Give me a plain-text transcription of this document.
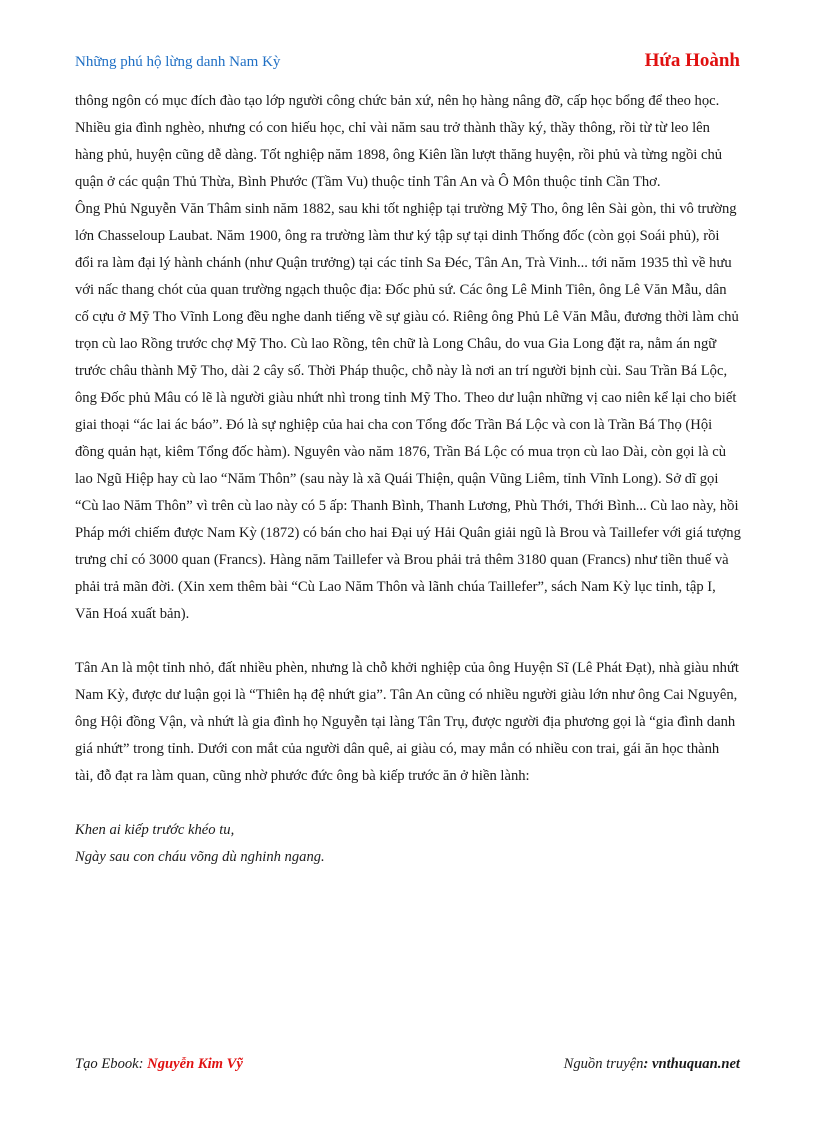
Những phú hộ lừng danh Nam Kỳ	Hứa Hoành

thông ngôn có mục đích đào tạo lớp người công chức bản xứ, nên họ hàng nâng đỡ, cấp học bổng để theo học. Nhiều gia đình nghèo, nhưng có con hiếu học, chỉ vài năm sau trở thành thầy ký, thầy thông, rồi từ từ leo lên hàng phủ, huyện cũng dễ dàng. Tốt nghiệp năm 1898, ông Kiên lần lượt thăng huyện, rồi phủ và từng ngồi chủ quận ở các quận Thủ Thừa, Bình Phước (Tầm Vu) thuộc tỉnh Tân An và Ô Môn thuộc tỉnh Cần Thơ.

Ông Phủ Nguyễn Văn Thâm sinh năm 1882, sau khi tốt nghiệp tại trường Mỹ Tho, ông lên Sài gòn, thi vô trường lớn Chasseloup Laubat. Năm 1900, ông ra trường làm thư ký tập sự tại dinh Thống đốc (còn gọi Soái phủ), rồi đổi ra làm đại lý hành chánh (như Quận trưởng) tại các tỉnh Sa Đéc, Tân An, Trà Vinh... tới năm 1935 thì về hưu với nấc thang chót của quan trường ngạch thuộc địa: Đốc phủ sứ. Các ông Lê Minh Tiên, ông Lê Văn Mẫu, dân cố cựu ở Mỹ Tho Vĩnh Long đều nghe danh tiếng về sự giàu có. Riêng ông Phủ Lê Văn Mẫu, đương thời làm chủ trọn cù lao Rồng trước chợ Mỹ Tho. Cù lao Rồng, tên chữ là Long Châu, do vua Gia Long đặt ra, nằm án ngữ trước châu thành Mỹ Tho, dài 2 cây số. Thời Pháp thuộc, chỗ này là nơi an trí người bịnh cùi. Sau Trần Bá Lộc, ông Đốc phủ Mâu có lẽ là người giàu nhứt nhì trong tỉnh Mỹ Tho. Theo dư luận những vị cao niên kể lại cho biết giai thoại “ác lai ác báo”. Đó là sự nghiệp của hai cha con Tổng đốc Trần Bá Lộc và con là Trần Bá Thọ (Hội đồng quản hạt, kiêm Tổng đốc hàm). Nguyên vào năm 1876, Trần Bá Lộc có mua trọn cù lao Dài, còn gọi là cù lao Ngũ Hiệp hay cù lao “Năm Thôn” (sau này là xã Quái Thiện, quận Vũng Liêm, tỉnh Vĩnh Long). Sở dĩ gọi “Cù lao Năm Thôn” vì trên cù lao này có 5 ấp: Thanh Bình, Thanh Lương, Phù Thới, Thới Bình... Cù lao này, hồi Pháp mới chiếm được Nam Kỳ (1872) có bán cho hai Đại uý Hải Quân giải ngũ là Brou và Taillefer với giá tượng trưng chỉ có 3000 quan (Francs). Hàng năm Taillefer và Brou phải trả thêm 3180 quan (Francs) như tiền thuế và phải trả mãn đời. (Xin xem thêm bài “Cù Lao Năm Thôn và lãnh chúa Taillefer”, sách Nam Kỳ lục tỉnh, tập I, Văn Hoá xuất bản).

Tân An là một tỉnh nhỏ, đất nhiều phèn, nhưng là chỗ khởi nghiệp của ông Huyện Sĩ (Lê Phát Đạt), nhà giàu nhứt Nam Kỳ, được dư luận gọi là “Thiên hạ đệ nhứt gia”. Tân An cũng có nhiều người giàu lớn như ông Cai Nguyên, ông Hội đồng Vận, và nhứt là gia đình họ Nguyễn tại làng Tân Trụ, được người địa phương gọi là “gia đình danh giá nhứt” trong tỉnh. Dưới con mắt của người dân quê, ai giàu có, may mắn có nhiều con trai, gái ăn học thành tài, đỗ đạt ra làm quan, cũng nhờ phước đức ông bà kiếp trước ăn ở hiền lành:

Khen ai kiếp trước khéo tu,
Ngày sau con cháu võng dù nghinh ngang.
Tạo Ebook: Nguyễn Kim Vỹ	Nguồn truyện: vnthuquan.net
